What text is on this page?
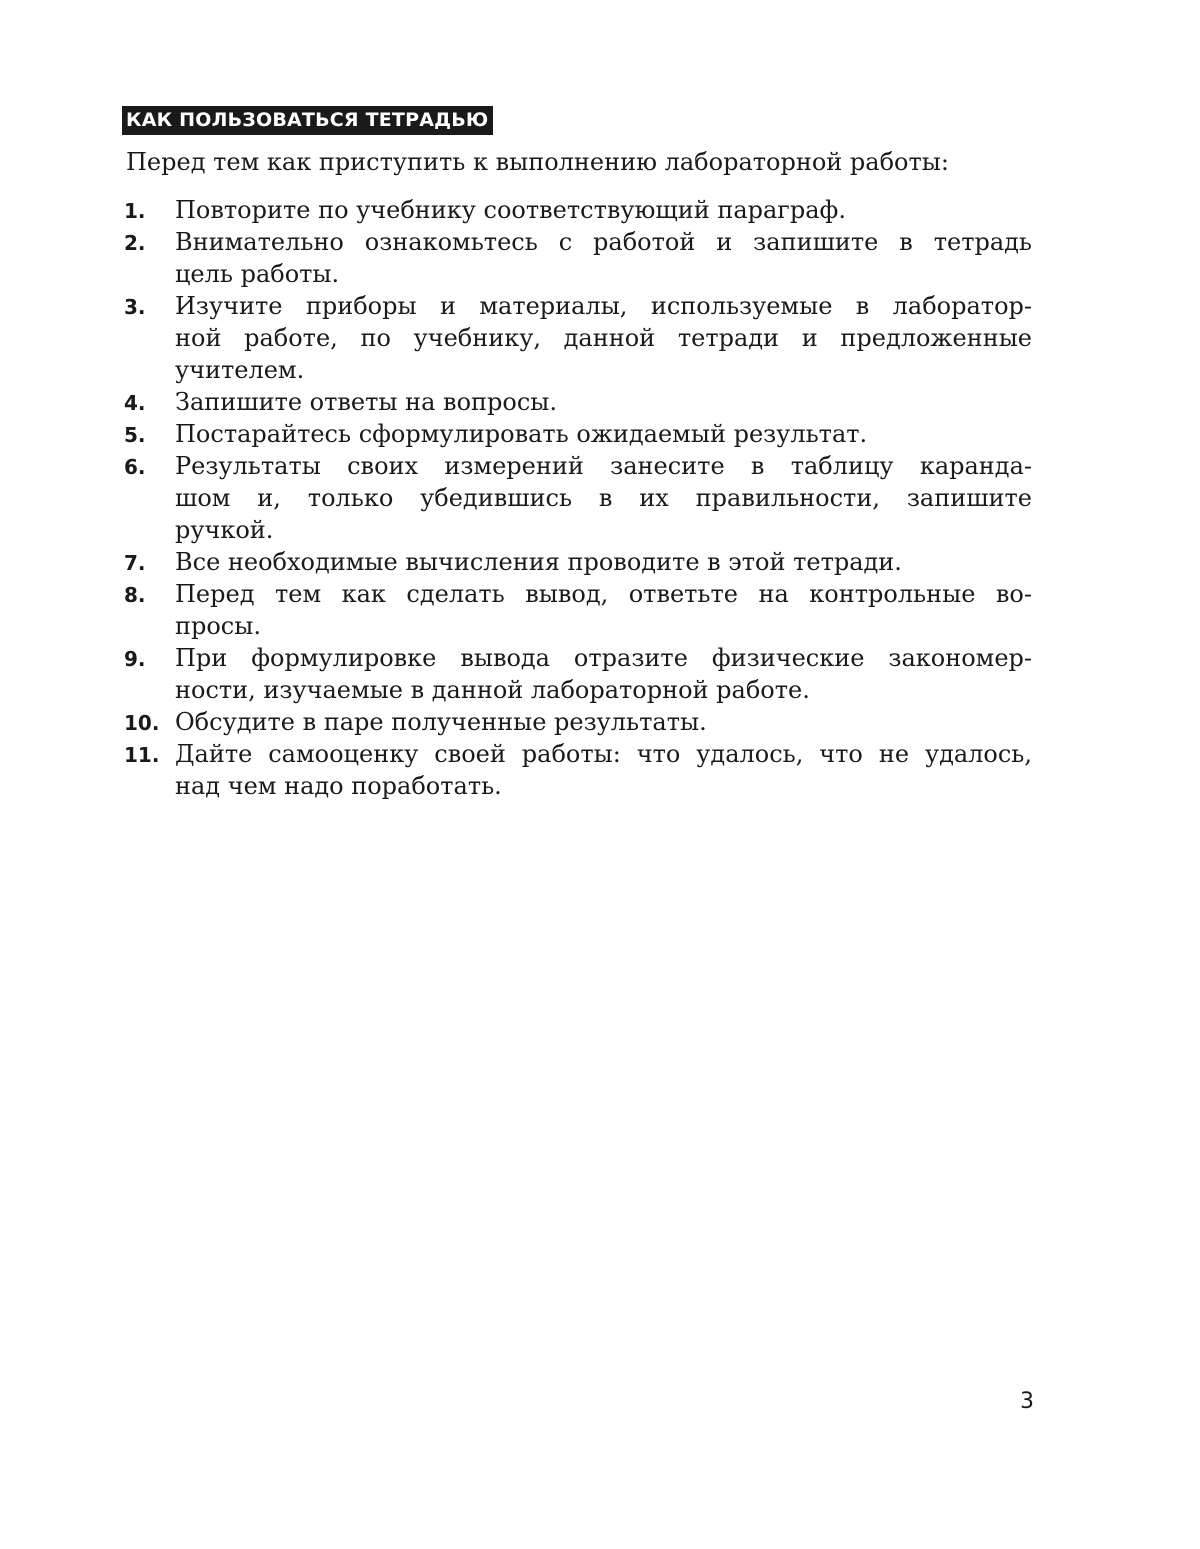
КАК ПОЛЬЗОВАТЬСЯ ТЕТРАДЬЮ
Перед тем как приступить к выполнению лабораторной работы:
1. Повторите по учебнику соответствующий параграф.
2. Внимательно ознакомьтесь с работой и запишите в тетрадь
цель работы.
3. Изучите приборы и материалы, используемые в лаборатор-
ной работе, по учебнику, данной тетради и предложенные
учителем.
4. Запишите ответы на вопросы.
5. Постарайтесь сформулировать ожидаемый результат.
6. Результаты своих измерений занесите в таблицу каранда-
шом и, только убедившись в их правильности, запишите
ручкой.
7. Все необходимые вычисления проводите в этой тетради.
8. Перед тем как сделать вывод, ответьте на контрольные во-
просы.
9. При формулировке вывода отразите физические закономер-
ности, изучаемые в данной лабораторной работе.
10. Обсудите в паре полученные результаты.
11. Дайте самооценку своей работы: что удалось, что не удалось,
над чем надо поработать.
3
